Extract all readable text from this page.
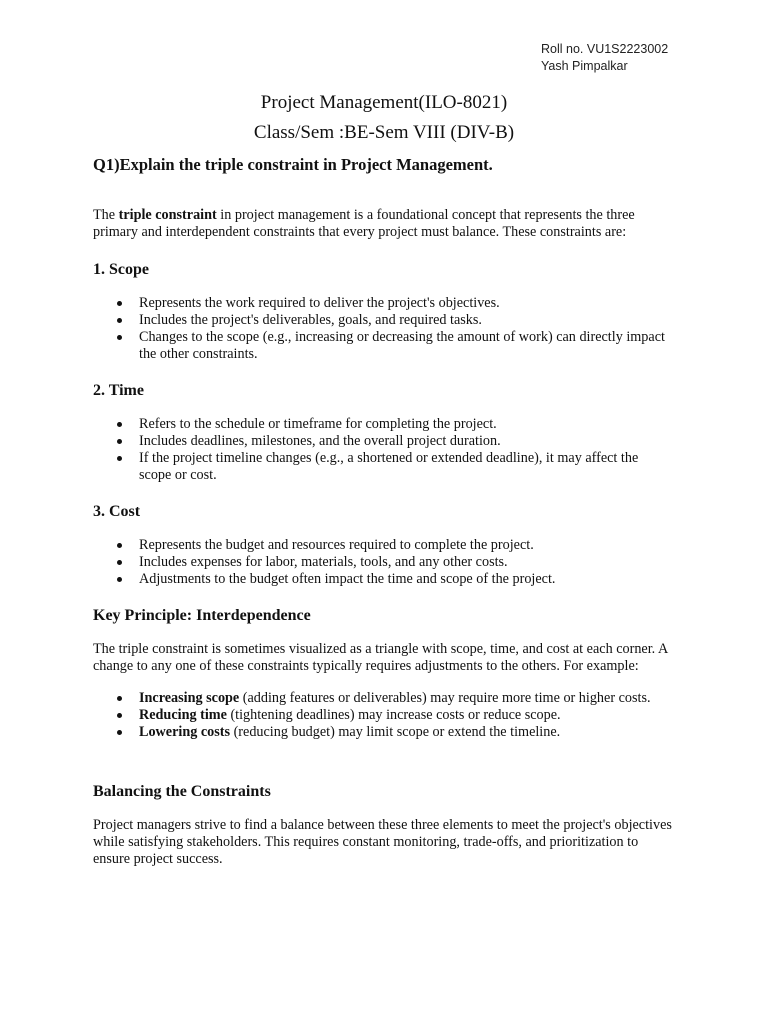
Roll no. VU1S2223002
Yash Pimpalkar
Project Management(ILO-8021)
Class/Sem :BE-Sem VIII (DIV-B)
Q1)Explain the triple constraint in Project Management.

The triple constraint in project management is a foundational concept that represents the three primary and interdependent constraints that every project must balance. These constraints are:

1. Scope
Represents the work required to deliver the project's objectives.
Includes the project's deliverables, goals, and required tasks.
Changes to the scope (e.g., increasing or decreasing the amount of work) can directly impact the other constraints.
2. Time
Refers to the schedule or timeframe for completing the project.
Includes deadlines, milestones, and the overall project duration.
If the project timeline changes (e.g., a shortened or extended deadline), it may affect the scope or cost.
3. Cost
Represents the budget and resources required to complete the project.
Includes expenses for labor, materials, tools, and any other costs.
Adjustments to the budget often impact the time and scope of the project.
Key Principle: Interdependence

The triple constraint is sometimes visualized as a triangle with scope, time, and cost at each corner. A change to any one of these constraints typically requires adjustments to the others. For example:

Increasing scope (adding features or deliverables) may require more time or higher costs.
Reducing time (tightening deadlines) may increase costs or reduce scope.
Lowering costs (reducing budget) may limit scope or extend the timeline.
Balancing the Constraints

Project managers strive to find a balance between these three elements to meet the project's objectives while satisfying stakeholders. This requires constant monitoring, trade-offs, and prioritization to ensure project success.
